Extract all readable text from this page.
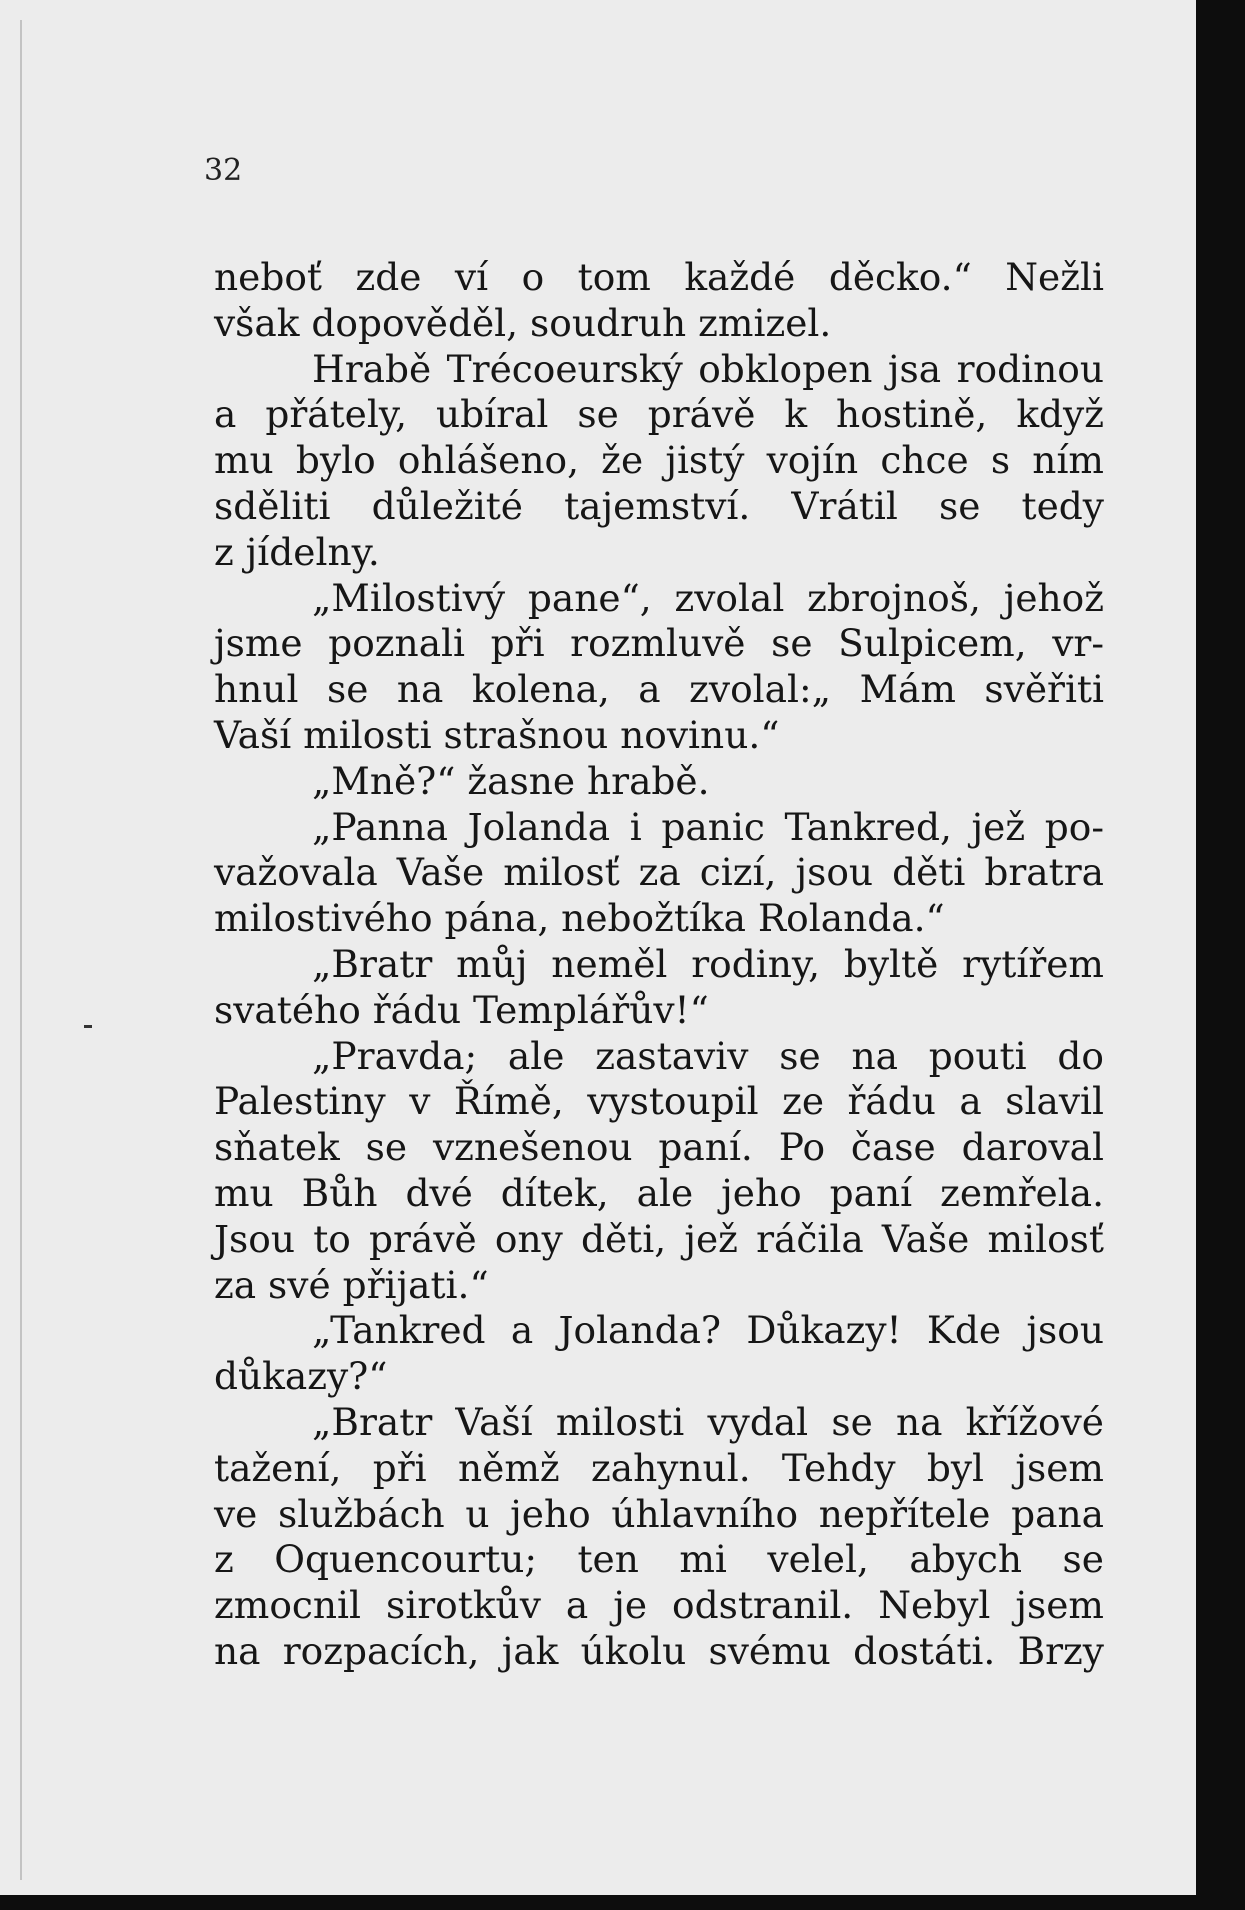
32
neboť zde ví o tom každé děcko.“ Nežli
však dopověděl, soudruh zmizel.
Hrabě Trécoeurský obklopen jsa rodinou
a přátely, ubíral se právě k hostině, když
mu bylo ohlášeno, že jistý vojín chce s ním
sděliti důležité tajemství. Vrátil se tedy
z jídelny.
„Milostivý pane“, zvolal zbrojnoš, jehož
jsme poznali při rozmluvě se Sulpicem, vr-
hnul se na kolena, a zvolal:„ Mám svěřiti
Vaší milosti strašnou novinu.“
„Mně?“ žasne hrabě.
„Panna Jolanda i panic Tankred, jež po-
važovala Vaše milosť za cizí, jsou děti bratra
milostivého pána, nebožtíka Rolanda.“
„Bratr můj neměl rodiny, byltě rytířem
svatého řádu Templářův!“
„Pravda; ale zastaviv se na pouti do
Palestiny v Římě, vystoupil ze řádu a slavil
sňatek se vznešenou paní. Po čase daroval
mu Bůh dvé dítek, ale jeho paní zemřela.
Jsou to právě ony děti, jež ráčila Vaše milosť
za své přijati.“
„Tankred a Jolanda? Důkazy! Kde jsou
důkazy?“
„Bratr Vaší milosti vydal se na křížové
tažení, při němž zahynul. Tehdy byl jsem
ve službách u jeho úhlavního nepřítele pana
z Oquencourtu; ten mi velel, abych se
zmocnil sirotkův a je odstranil. Nebyl jsem
na rozpacích, jak úkolu svému dostáti. Brzy
